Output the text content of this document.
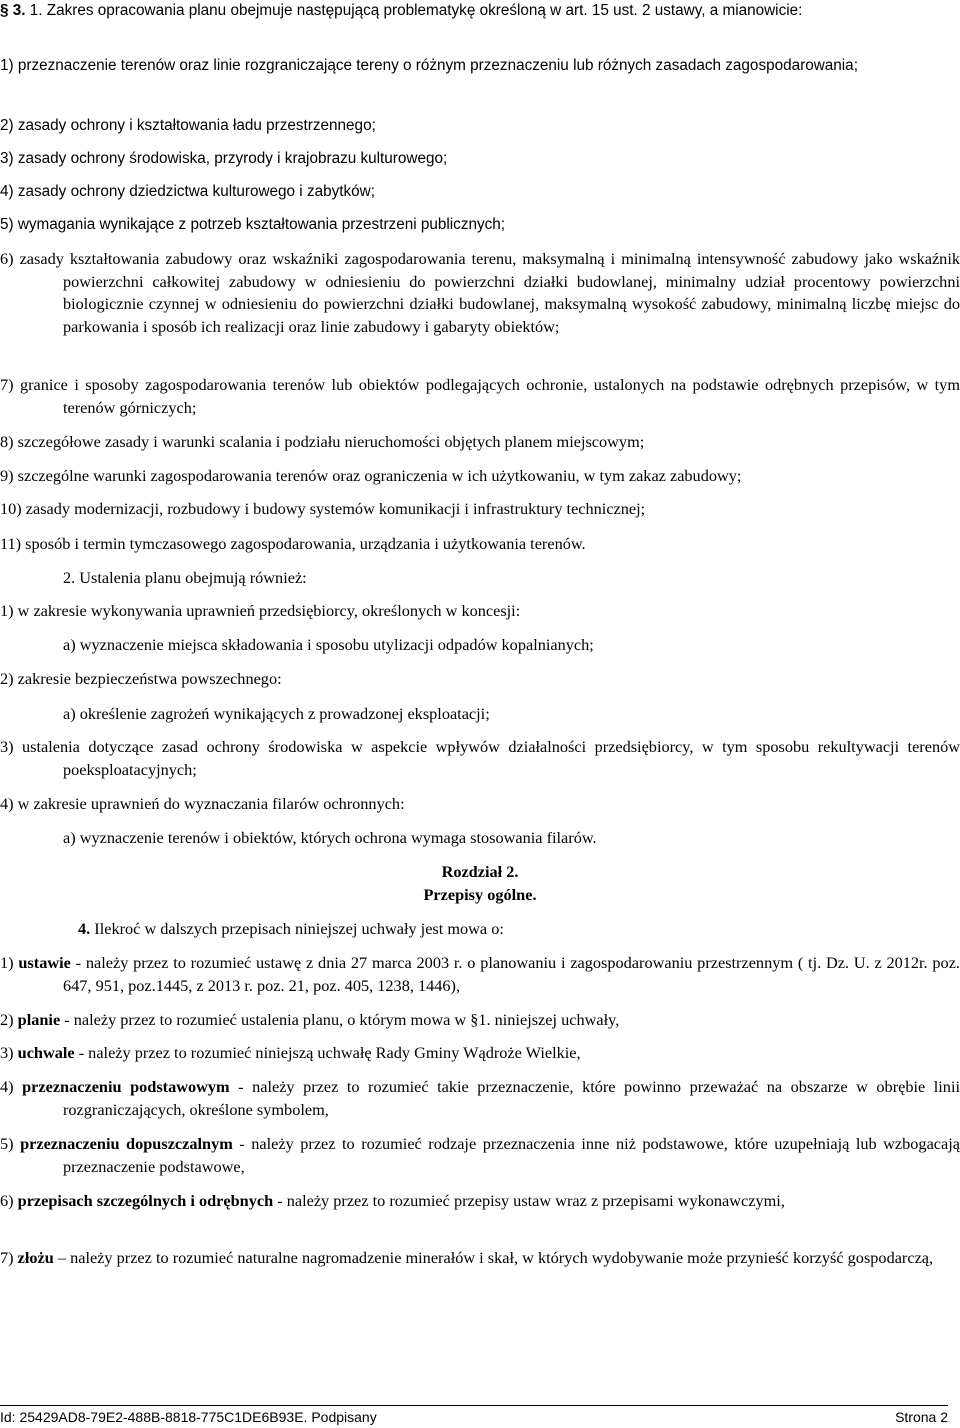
§ 3. 1. Zakres opracowania planu obejmuje następującą problematykę określoną w art. 15 ust. 2 ustawy, a mianowicie:

1) przeznaczenie terenów oraz linie rozgraniczające tereny o różnym przeznaczeniu lub różnych zasadach zagospodarowania;

2) zasady ochrony i kształtowania ładu przestrzennego;

3) zasady ochrony środowiska, przyrody i krajobrazu kulturowego;

4) zasady ochrony dziedzictwa kulturowego i zabytków;

5) wymagania wynikające z potrzeb kształtowania przestrzeni publicznych;

6) zasady kształtowania zabudowy oraz wskaźniki zagospodarowania terenu, maksymalną i minimalną intensywność zabudowy jako wskaźnik powierzchni całkowitej zabudowy w odniesieniu do powierzchni działki budowlanej, minimalny udział procentowy powierzchni biologicznie czynnej w odniesieniu do powierzchni działki budowlanej, maksymalną wysokość zabudowy, minimalną liczbę miejsc do parkowania i sposób ich realizacji oraz linie zabudowy i gabaryty obiektów;

7) granice i sposoby zagospodarowania terenów lub obiektów podlegających ochronie, ustalonych na podstawie odrębnych przepisów, w tym terenów górniczych;

8) szczegółowe zasady i warunki scalania i podziału nieruchomości objętych planem miejscowym;

9) szczególne warunki zagospodarowania terenów oraz ograniczenia w ich użytkowaniu, w tym zakaz zabudowy;

10) zasady modernizacji, rozbudowy i budowy systemów komunikacji i infrastruktury technicznej;

11) sposób i termin tymczasowego zagospodarowania, urządzania i użytkowania terenów.

2. Ustalenia planu obejmują również:

1) w zakresie wykonywania uprawnień przedsiębiorcy, określonych w koncesji:

a) wyznaczenie miejsca składowania i sposobu utylizacji odpadów kopalnianych;

2) zakresie bezpieczeństwa powszechnego:

a) określenie zagrożeń wynikających z prowadzonej eksploatacji;

3) ustalenia dotyczące zasad ochrony środowiska w aspekcie wpływów działalności przedsiębiorcy, w tym sposobu rekultywacji terenów poeksploatacyjnych;

4) w zakresie uprawnień do wyznaczania filarów ochronnych:

a) wyznaczenie terenów i obiektów, których ochrona wymaga stosowania filarów.

Rozdział 2.

Przepisy ogólne.

4. Ilekroć w dalszych przepisach niniejszej uchwały jest mowa o:

1) ustawie - należy przez to rozumieć ustawę z dnia 27 marca 2003 r. o planowaniu i zagospodarowaniu przestrzennym ( tj. Dz. U. z 2012r. poz. 647, 951, poz.1445, z 2013 r. poz. 21, poz. 405, 1238, 1446),

2) planie - należy przez to rozumieć ustalenia planu, o którym mowa w §1. niniejszej uchwały,

3) uchwale - należy przez to rozumieć niniejszą uchwałę Rady Gminy Wądroże Wielkie,

4) przeznaczeniu podstawowym - należy przez to rozumieć takie przeznaczenie, które powinno przeważać na obszarze w obrębie linii rozgraniczających, określone symbolem,

5) przeznaczeniu dopuszczalnym - należy przez to rozumieć rodzaje przeznaczenia inne niż podstawowe, które uzupełniają lub wzbogacają przeznaczenie podstawowe,

6) przepisach szczególnych i odrębnych - należy przez to rozumieć przepisy ustaw wraz z przepisami wykonawczymi,

7) złożu – należy przez to rozumieć naturalne nagromadzenie minerałów i skał, w których wydobywanie może przynieść korzyść gospodarczą,

Id: 25429AD8-79E2-488B-8818-775C1DE6B93E. Podpisany	Strona 2
